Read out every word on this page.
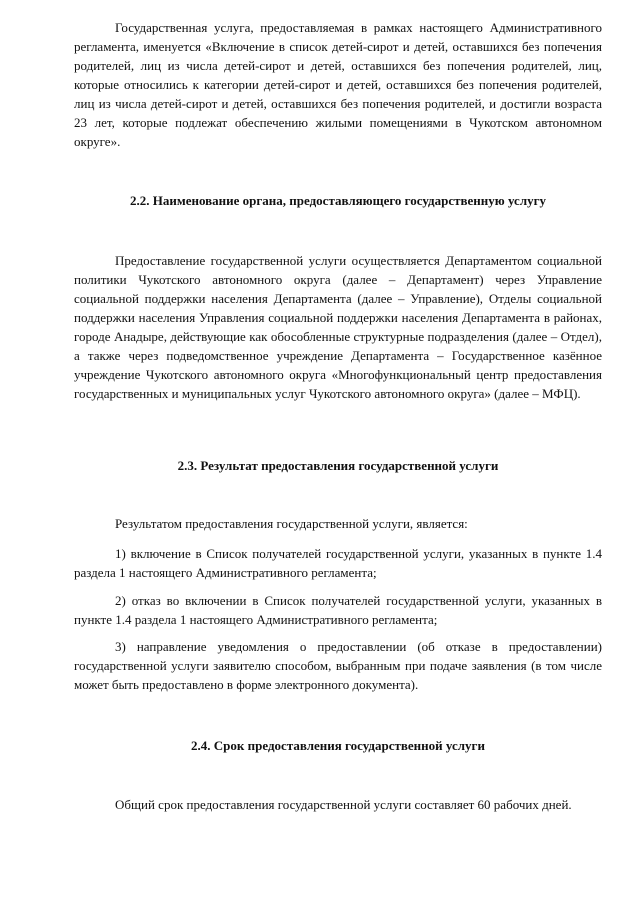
Государственная услуга, предоставляемая в рамках настоящего Административного регламента, именуется «Включение в список детей-сирот и детей, оставшихся без попечения родителей, лиц из числа детей-сирот и детей, оставшихся без попечения родителей, лиц, которые относились к категории детей-сирот и детей, оставшихся без попечения родителей, лиц из числа детей-сирот и детей, оставшихся без попечения родителей, и достигли возраста 23 лет, которые подлежат обеспечению жилыми помещениями в Чукотском автономном округе».

2.2. Наименование органа, предоставляющего государственную услугу

Предоставление государственной услуги осуществляется Департаментом социальной политики Чукотского автономного округа (далее – Департамент) через Управление социальной поддержки населения Департамента (далее – Управление), Отделы социальной поддержки населения Управления социальной поддержки населения Департамента в районах, городе Анадыре, действующие как обособленные структурные подразделения (далее – Отдел), а также через подведомственное учреждение Департамента – Государственное казённое учреждение Чукотского автономного округа «Многофункциональный центр предоставления государственных и муниципальных услуг Чукотского автономного округа» (далее – МФЦ).

2.3. Результат предоставления государственной услуги

Результатом предоставления государственной услуги, является:

1) включение в Список получателей государственной услуги, указанных в пункте 1.4 раздела 1 настоящего Административного регламента;

2) отказ во включении в Список получателей государственной услуги, указанных в пункте 1.4 раздела 1 настоящего Административного регламента;

3) направление уведомления о предоставлении (об отказе в предоставлении) государственной услуги заявителю способом, выбранным при подаче заявления (в том числе может быть предоставлено в форме электронного документа).

2.4. Срок предоставления государственной услуги

Общий срок предоставления государственной услуги составляет 60 рабочих дней.
